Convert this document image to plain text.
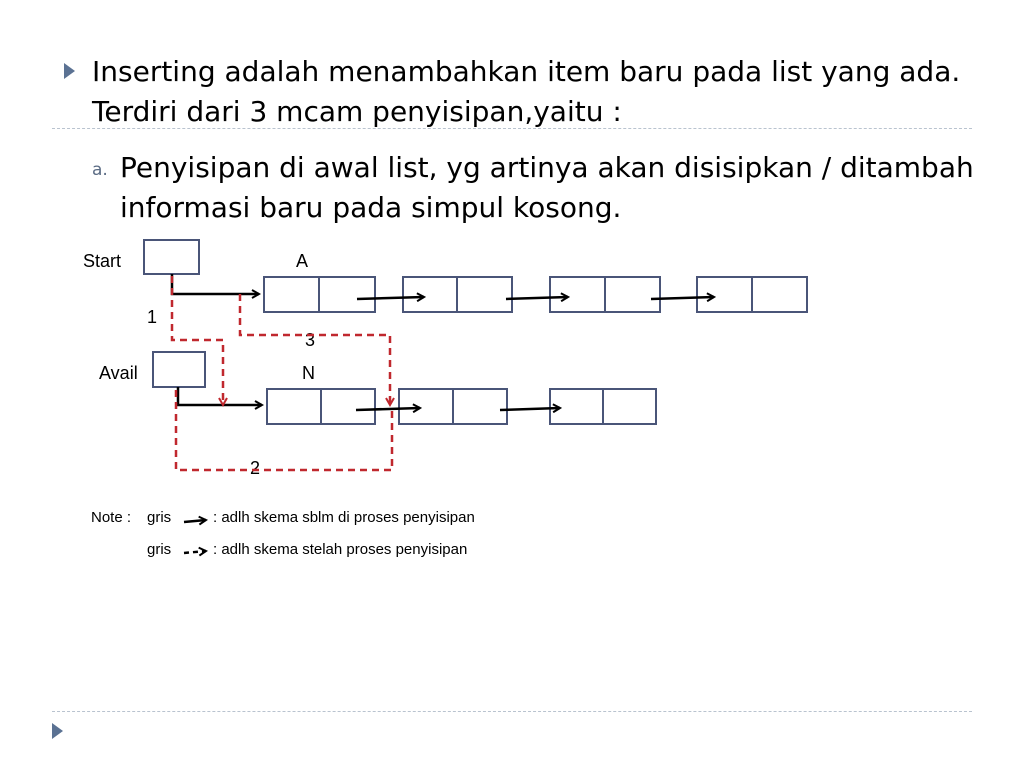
Inserting adalah menambahkan item baru pada list yang ada. Terdiri dari 3 mcam penyisipan,yaitu :
a. Penyisipan di awal list, yg artinya akan disisipkan / ditambah informasi baru pada simpul kosong.
Start	A
1
3
Avail	N
2
Note : gris	: adlh skema sblm di proses penyisipan
gris	: adlh skema stelah proses penyisipan
